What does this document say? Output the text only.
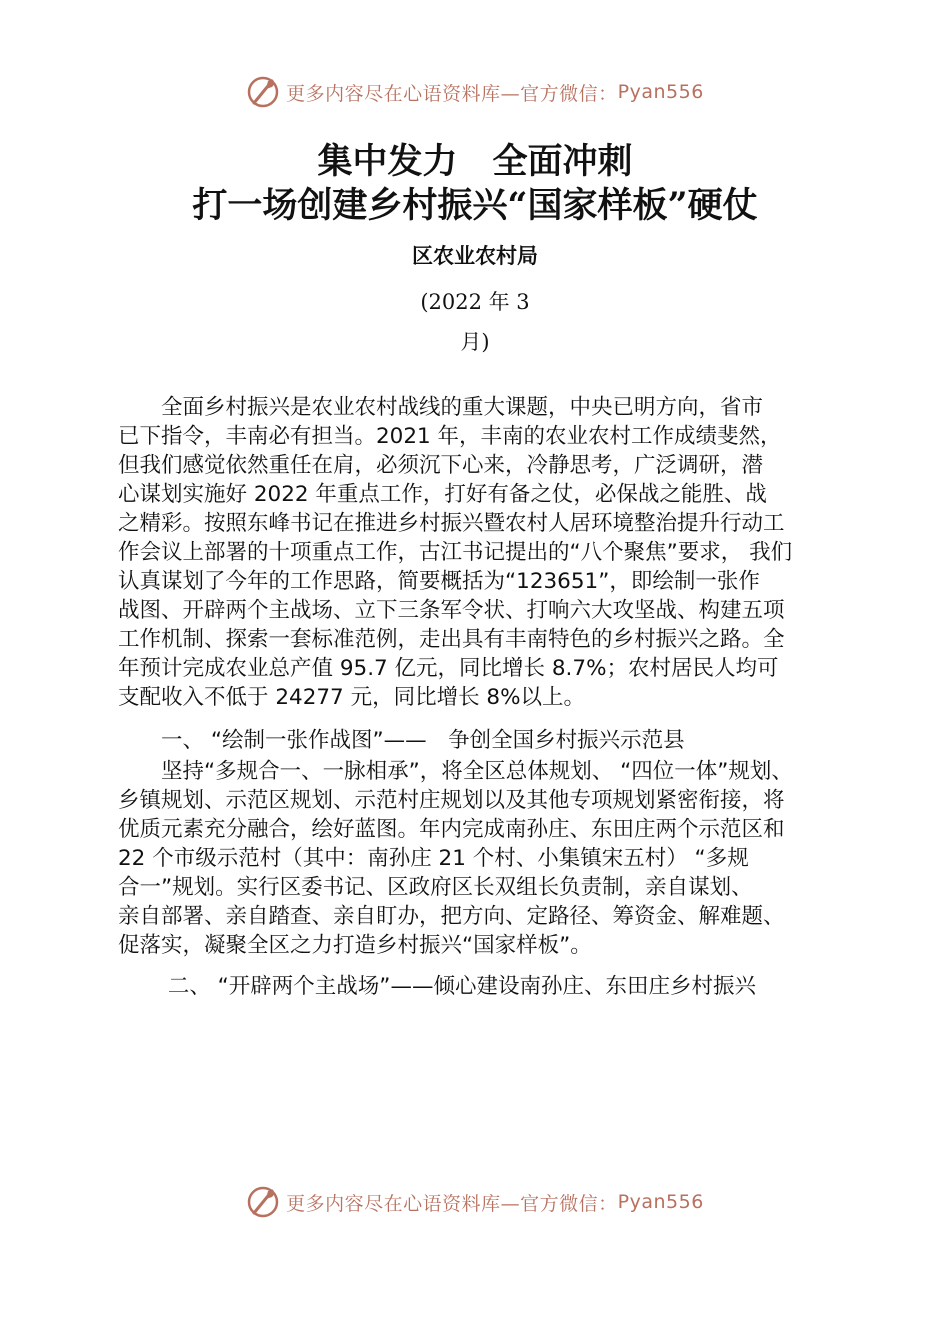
更多内容尽在心语资料库—官方微信： Pyan556
集中发力　全面冲刺
打一场创建乡村振兴“国家样板”硬仗
区农业农村局
(2022 年 3
月)
　　全面乡村振兴是农业农村战线的重大课题，中央已明方向，省市
已下指令，丰南必有担当。2021 年，丰南的农业农村工作成绩斐然，
但我们感觉依然重任在肩，必须沉下心来，冷静思考，广泛调研，潜
心谋划实施好 2022 年重点工作，打好有备之仗，必保战之能胜、战
之精彩。按照东峰书记在推进乡村振兴暨农村人居环境整治提升行动工
作会议上部署的十项重点工作，古江书记提出的“八个聚焦”要求， 我们
认真谋划了今年的工作思路，简要概括为“123651”，即绘制一张作
战图、开辟两个主战场、立下三条军令状、打响六大攻坚战、构建五项
工作机制、探索一套标准范例，走出具有丰南特色的乡村振兴之路。全
年预计完成农业总产值 95.7 亿元，同比增长 8.7%；农村居民人均可
支配收入不低于 24277 元，同比增长 8%以上。
　　一、 “绘制一张作战图”——　争创全国乡村振兴示范县
　　坚持“多规合一、一脉相承”，将全区总体规划、 “四位一体”规划、
乡镇规划、示范区规划、示范村庄规划以及其他专项规划紧密衔接，将
优质元素充分融合，绘好蓝图。年内完成南孙庄、东田庄两个示范区和
22 个市级示范村（其中：南孙庄 21 个村、小集镇宋五村） “多规
合一”规划。实行区委书记、区政府区长双组长负责制，亲自谋划、
亲自部署、亲自踏查、亲自盯办，把方向、定路径、筹资金、解难题、
促落实，凝聚全区之力打造乡村振兴“国家样板”。
　　 二、 “开辟两个主战场”——倾心建设南孙庄、东田庄乡村振兴
更多内容尽在心语资料库—官方微信： Pyan556
